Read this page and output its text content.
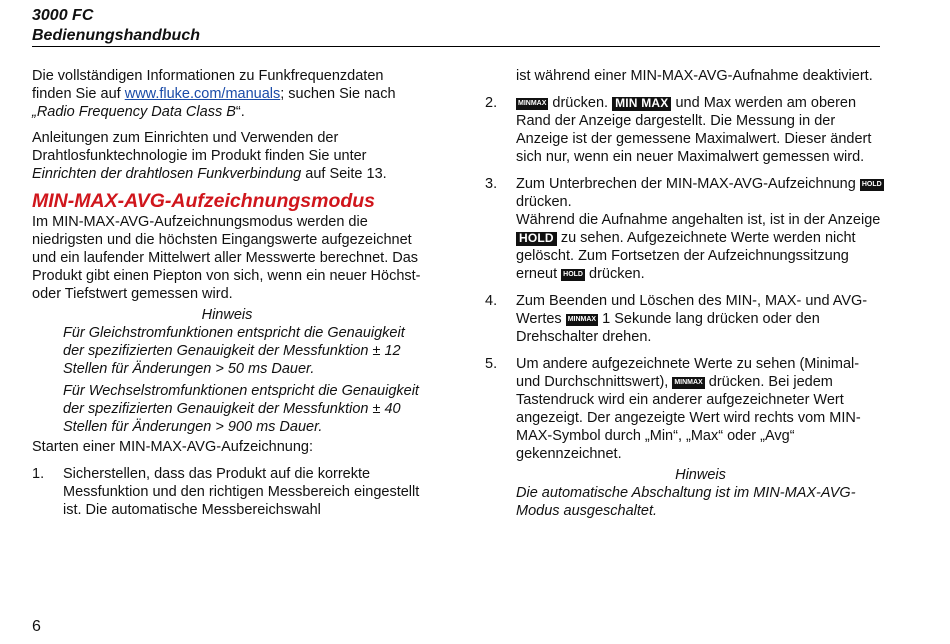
3000 FC
Bedienungshandbuch

Die vollständigen Informationen zu Funkfrequenzdaten finden Sie auf www.fluke.com/manuals; suchen Sie nach „Radio Frequency Data Class B“.

Anleitungen zum Einrichten und Verwenden der Drahtlosfunktechnologie im Produkt finden Sie unter Einrichten der drahtlosen Funkverbindung auf Seite 13.

MIN-MAX-AVG-Aufzeichnungsmodus

Im MIN-MAX-AVG-Aufzeichnungsmodus werden die niedrigsten und die höchsten Eingangswerte aufgezeichnet und ein laufender Mittelwert aller Messwerte berechnet. Das Produkt gibt einen Piepton von sich, wenn ein neuer Höchst- oder Tiefstwert gemessen wird.

Hinweis

Für Gleichstromfunktionen entspricht die Genauigkeit der spezifizierten Genauigkeit der Messfunktion ± 12 Stellen für Änderungen > 50 ms Dauer.

Für Wechselstromfunktionen entspricht die Genauigkeit der spezifizierten Genauigkeit der Messfunktion ± 40 Stellen für Änderungen > 900 ms Dauer.

Starten einer MIN-MAX-AVG-Aufzeichnung:

1. Sicherstellen, dass das Produkt auf die korrekte Messfunktion und den richtigen Messbereich eingestellt ist. Die automatische Messbereichswahl

ist während einer MIN-MAX-AVG-Aufnahme deaktiviert.

2.	MINMAX drücken. MIN MAX und Max werden am oberen Rand der Anzeige dargestellt. Die Messung in der Anzeige ist der gemessene Maximalwert. Dieser ändert sich nur, wenn ein neuer Maximalwert gemessen wird.
3. Zum Unterbrechen der MIN-MAX-AVG-Aufzeichnung HOLD drücken.
Während die Aufnahme angehalten ist, ist in der Anzeige HOLD zu sehen. Aufgezeichnete Werte werden nicht gelöscht. Zum Fortsetzen der Aufzeichnungssitzung erneut HOLD drücken.
4. Zum Beenden und Löschen des MIN-, MAX- und AVG-Wertes MINMAX 1 Sekunde lang drücken oder den Drehschalter drehen.
5. Um andere aufgezeichnete Werte zu sehen (Minimal- und Durchschnittswert), MINMAX drücken. Bei jedem Tastendruck wird ein anderer aufgezeichneter Wert angezeigt. Der angezeigte Wert wird rechts vom MIN-MAX-Symbol durch „Min“, „Max“ oder „Avg“ gekennzeichnet.

Hinweis

Die automatische Abschaltung ist im MIN-MAX-AVG-Modus ausgeschaltet.

6
